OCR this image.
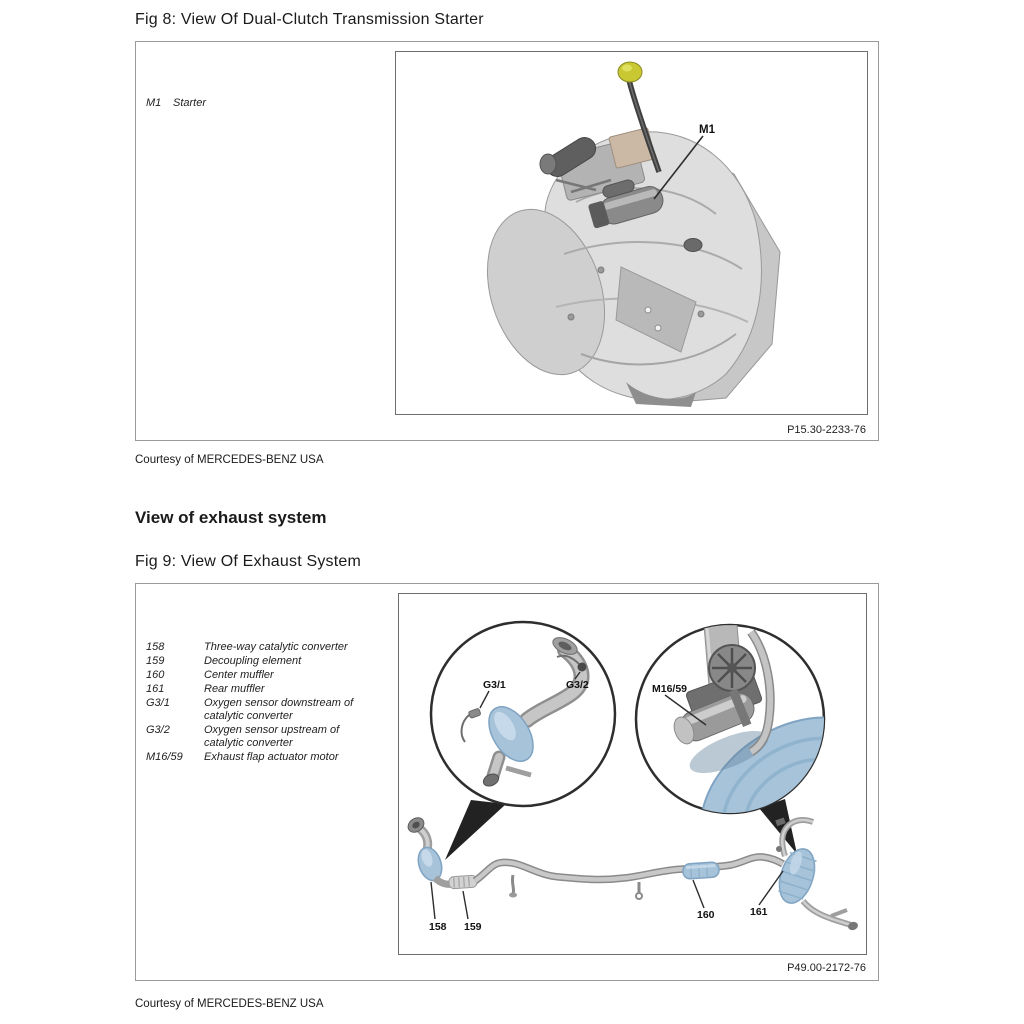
Fig 8: View Of Dual-Clutch Transmission Starter
M1	Starter
M1
P15.30-2233-76
Courtesy of MERCEDES-BENZ USA
View of exhaust system
Fig 9: View Of Exhaust System
158	Three-way catalytic converter
159	Decoupling element
160	Center muffler
161	Rear muffler
G3/1	Oxygen sensor downstream of catalytic converter
G3/2	Oxygen sensor upstream of catalytic converter
M16/59	Exhaust flap actuator motor
G3/1	G3/2	M16/59
158 159
160	161
P49.00-2172-76
Courtesy of MERCEDES-BENZ USA
